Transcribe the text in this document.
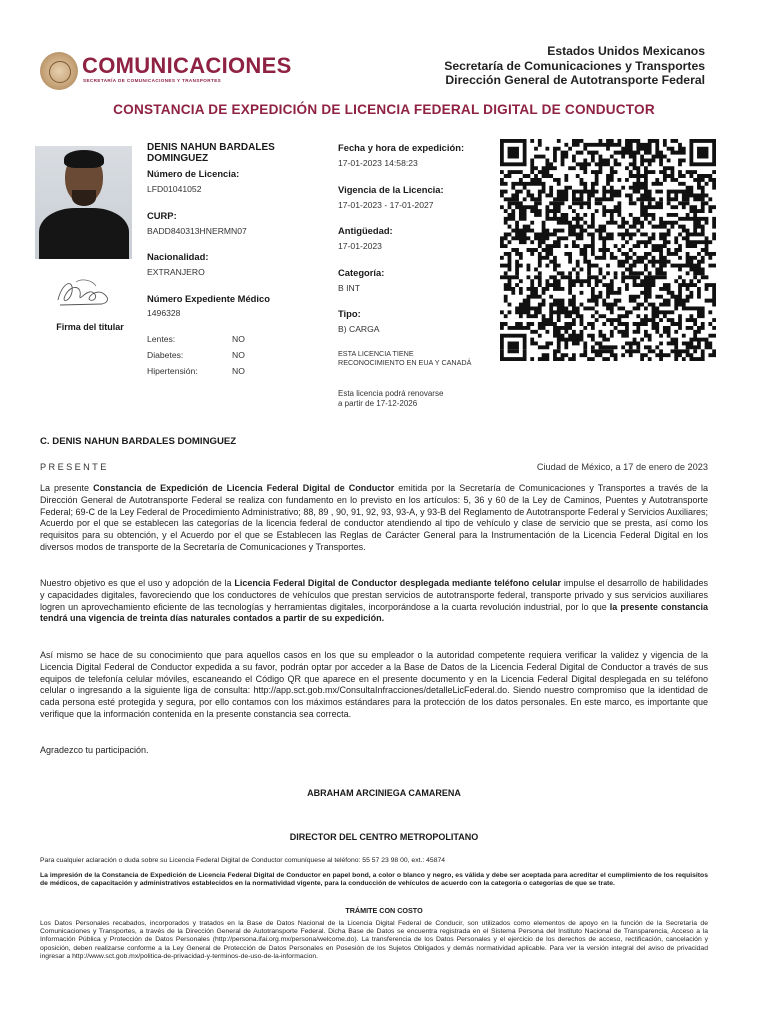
COMUNICACIONES
SECRETARÍA DE COMUNICACIONES Y TRANSPORTES
Estados Unidos Mexicanos
Secretaría de Comunicaciones y Transportes
Dirección General de Autotransporte Federal
CONSTANCIA DE EXPEDICIÓN DE LICENCIA FEDERAL DIGITAL DE CONDUCTOR
Firma del titular
DENIS NAHUN BARDALES DOMINGUEZ
Número de Licencia:
LFD01041052
CURP:
BADD840313HNERMN07
Nacionalidad:
EXTRANJERO
Número Expediente Médico
1496328
Lentes:	NO
Diabetes:	NO
Hipertensión:	NO
Fecha y hora de expedición:
17-01-2023 14:58:23
Vigencia de la Licencia:
17-01-2023 - 17-01-2027
Antigüedad:
17-01-2023
Categoría:
B INT
Tipo:
B) CARGA
ESTA LICENCIA TIENE
RECONOCIMIENTO EN EUA Y CANADÁ
Esta licencia podrá renovarse
a partir de 17-12-2026
C. DENIS NAHUN BARDALES DOMINGUEZ
PRESENTE	Ciudad de México, a 17 de enero de 2023
La presente Constancia de Expedición de Licencia Federal Digital de Conductor emitida por la Secretaría de Comunicaciones y Transportes a través de la Dirección General de Autotransporte Federal se realiza con fundamento en lo previsto en los artículos: 5, 36 y 60 de la Ley de Caminos, Puentes y Autotransporte Federal; 69-C de la Ley Federal de Procedimiento Administrativo; 88, 89 , 90, 91, 92, 93, 93-A, y 93-B del Reglamento de Autotransporte Federal y Servicios Auxiliares; Acuerdo por el que se establecen las categorías de la licencia federal de conductor atendiendo al tipo de vehículo y clase de servicio que se presta, así como los requisitos para su obtención, y el Acuerdo por el que se Establecen las Reglas de Carácter General para la Instrumentación de la Licencia Federal Digital en los diversos modos de transporte de la Secretaría de Comunicaciones y Transportes.
Nuestro objetivo es que el uso y adopción de la Licencia Federal Digital de Conductor desplegada mediante teléfono celular impulse el desarrollo de habilidades y capacidades digitales, favoreciendo que los conductores de vehículos que prestan servicios de autotransporte federal, transporte privado y sus servicios auxiliares logren un aprovechamiento eficiente de las tecnologías y herramientas digitales, incorporándose a la cuarta revolución industrial, por lo que la presente constancia tendrá una vigencia de treinta días naturales contados a partir de su expedición.
Así mismo se hace de su conocimiento que para aquellos casos en los que su empleador o la autoridad competente requiera verificar la validez y vigencia de la Licencia Digital Federal de Conductor expedida a su favor, podrán optar por acceder a la Base de Datos de la Licencia Federal Digital de Conductor a través de sus equipos de telefonía celular móviles, escaneando el Código QR que aparece en el presente documento y en la Licencia Federal Digital desplegada en su teléfono celular o ingresando a la siguiente liga de consulta: http://app.sct.gob.mx/ConsultaInfracciones/detalleLicFederal.do. Siendo nuestro compromiso que la identidad de cada persona esté protegida y segura, por ello contamos con los máximos estándares para la protección de los datos personales. En este marco, es importante que verifique que la información contenida en la presente constancia sea correcta.
Agradezco tu participación.
ABRAHAM ARCINIEGA CAMARENA
DIRECTOR DEL CENTRO METROPOLITANO
Para cualquier aclaración o duda sobre su Licencia Federal Digital de Conductor comuníquese al teléfono: 55 57 23 98 00, ext.: 45874
La impresión de la Constancia de Expedición de Licencia Federal Digital de Conductor en papel bond, a color o blanco y negro, es válida y debe ser aceptada para acreditar el cumplimiento de los requisitos de médicos, de capacitación y administrativos establecidos en la normatividad vigente, para la conducción de vehículos de acuerdo con la categoría o categorías de que se trate.
TRÁMITE CON COSTO
Los Datos Personales recabados, incorporados y tratados en la Base de Datos Nacional de la Licencia Digital Federal de Conducir, son utilizados como elementos de apoyo en la función de la Secretaría de Comunicaciones y Transportes, a través de la Dirección General de Autotransporte Federal. Dicha Base de Datos se encuentra registrada en el Sistema Persona del Instituto Nacional de Transparencia, Acceso a la Información Pública y Protección de Datos Personales (http://persona.ifai.org.mx/persona/welcome.do). La transferencia de los Datos Personales y el ejercicio de los derechos de acceso, rectificación, cancelación y oposición, deben realizarse conforme a la Ley General de Protección de Datos Personales en Posesión de los Sujetos Obligados y demás normatividad aplicable. Para ver la versión integral del aviso de privacidad ingresar a http://www.sct.gob.mx/politica-de-privacidad-y-terminos-de-uso-de-la-informacion.
